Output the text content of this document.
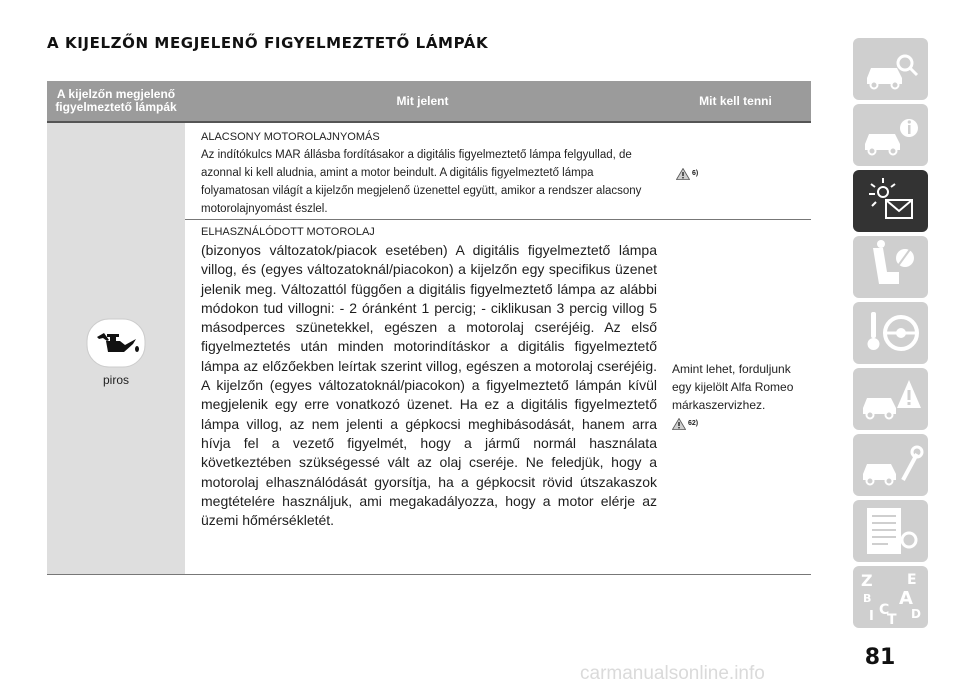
A KIJELZŐN MEGJELENŐ FIGYELMEZTETŐ LÁMPÁK
A kijelzőn megjelenő figyelmeztető lámpák	Mit jelent	Mit kell tenni
piros
ALACSONY MOTOROLAJNYOMÁS
Az indítókulcs MAR állásba fordításakor a digitális figyelmeztető lámpa felgyullad, de azonnal ki kell aludnia, amint a motor beindult. A digitális figyelmeztető lámpa folyamatosan világít a kijelzőn megjelenő üzenettel együtt, amikor a rendszer alacsony motorolajnyomást észlel.
6)
ELHASZNÁLÓDOTT MOTOROLAJ
(bizonyos változatok/piacok esetében) A digitális figyelmeztető lámpa villog, és (egyes változatoknál/piacokon) a kijelzőn egy specifikus üzenet jelenik meg. Változattól függően a digitális figyelmeztető lámpa az alábbi módokon tud villogni: - 2 óránként 1 percig; - ciklikusan 3 percig villog 5 másodperces szünetekkel, egészen a motorolaj cseréjéig. Az első figyelmeztetés után minden motorindításkor a digitális figyelmeztető lámpa az előzőekben leírtak szerint villog, egészen a motorolaj cseréjéig. A kijelzőn (egyes változatoknál/piacokon) a figyelmeztető lámpán kívül megjelenik egy erre vonatkozó üzenet. Ha ez a digitális figyelmeztető lámpa villog, az nem jelenti a gépkocsi meghibásodását, hanem arra hívja fel a vezető figyelmét, hogy a jármű normál használata következtében szükségessé vált az olaj cseréje. Ne feledjük, hogy a motorolaj elhasználódását gyorsítja, ha a gépkocsit rövid útszakaszok megtételére használjuk, ami megakadályozza, hogy a motor elérje az üzemi hőmérsékletét.
Amint lehet, forduljunk egy kijelölt Alfa Romeo márkaszervizhez.
62)
Z E
B A
I C
T D
81
carmanualsonline.info
